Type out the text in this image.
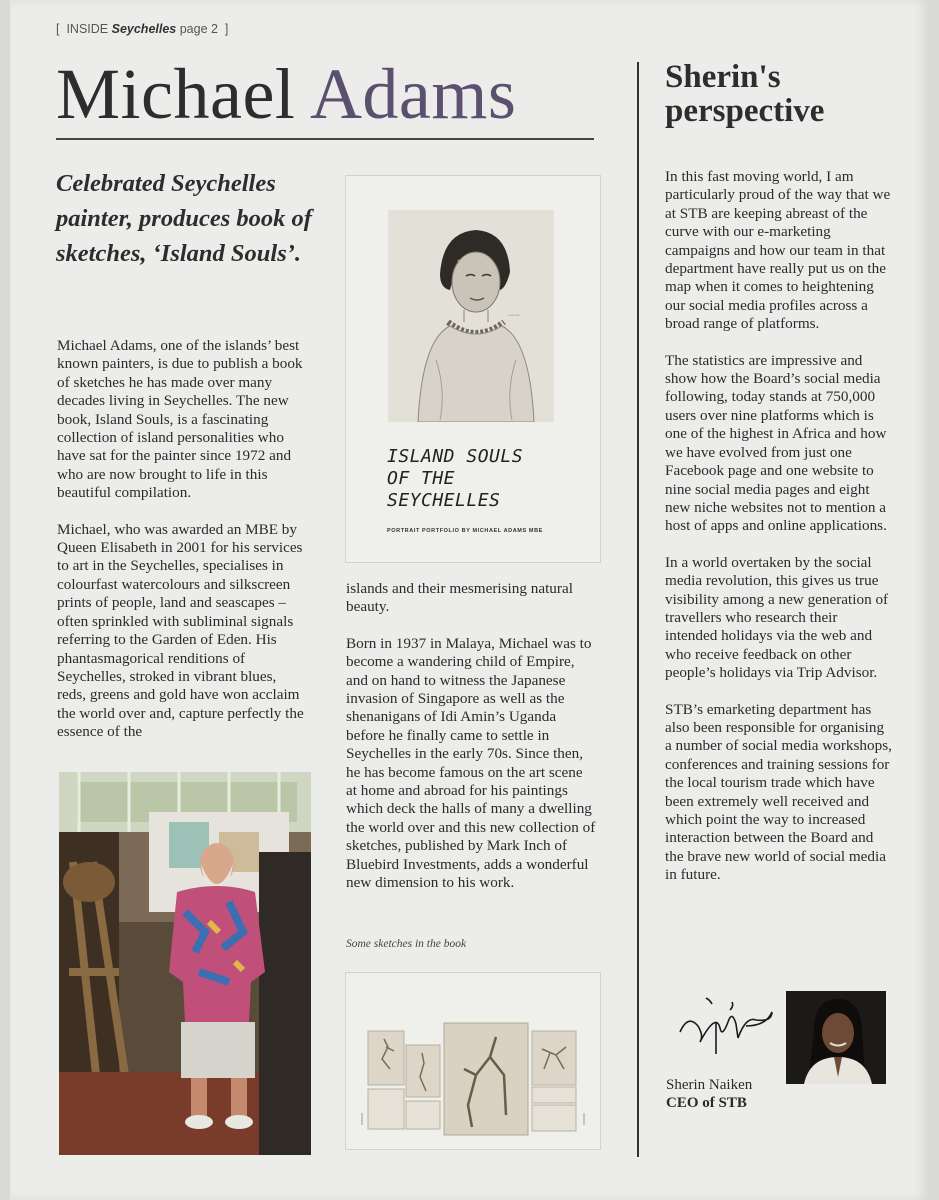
[ INSIDE Seychelles page 2 ]
Michael Adams
Celebrated Seychelles painter, produces book of sketches, ‘Island Souls’.

Michael Adams, one of the islands’ best known painters, is due to publish a book of sketches he has made over many decades living in Seychelles. The new book, Island Souls, is a fascinating collection of island personalities who have sat for the painter since 1972 and who are now brought to life in this beautiful compilation.

Michael, who was awarded an MBE by Queen Elisabeth in 2001 for his services to art in the Seychelles, specialises in colourfast watercolours and silkscreen prints of people, land and seascapes – often sprinkled with subliminal signals referring to the Garden of Eden. His phantasmagorical renditions of Seychelles, stroked in vibrant blues, reds, greens and gold have won acclaim the world over and, capture perfectly the essence of the

~~~
ISLAND SOULS
OF THE
SEYCHELLES
PORTRAIT PORTFOLIO BY MICHAEL ADAMS MBE

islands and their mesmerising natural beauty.

Born in 1937 in Malaya, Michael was to become a wandering child of Empire, and on hand to witness the Japanese invasion of Singapore as well as the shenanigans of Idi Amin’s Uganda before he finally came to settle in Seychelles in the early 70s. Since then, he has become famous on the art scene at home and abroad for his paintings which deck the halls of many a dwelling the world over and this new collection of sketches, published by Mark Inch of Bluebird Investments, adds a wonderful new dimension to his work.

Some sketches in the book
Sherin's
perspective

In this fast moving world, I am particularly proud of the way that we at STB are keeping abreast of the curve with our e-marketing campaigns and how our team in that department have really put us on the map when it comes to heightening our social media profiles across a broad range of platforms.

The statistics are impressive and show how the Board’s social media following, today stands at 750,000 users over nine platforms which is one of the highest in Africa and how we have evolved from just one Facebook page and one website to nine social media pages and eight new niche websites not to mention a host of apps and online applications.

In a world overtaken by the social media revolution, this gives us true visibility among a new generation of travellers who research their intended holidays via the web and who receive feedback on other people’s holidays via Trip Advisor.

STB’s emarketing department has also been responsible for organising a number of social media workshops, conferences and training sessions for the local tourism trade which have been extremely well received and which point the way to increased interaction between the Board and the brave new world of social media in future.

Sherin Naiken
CEO of STB
